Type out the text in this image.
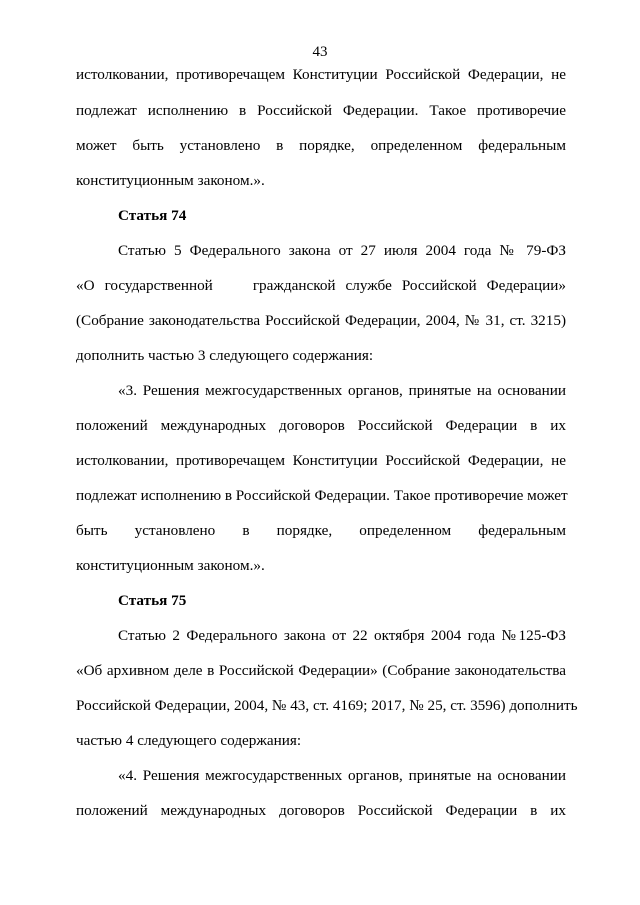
43
истолковании, противоречащем Конституции Российской Федерации, не
подлежат исполнению в Российской Федерации. Такое противоречие
может быть установлено в порядке, определенном федеральным
конституционным законом.».
Статья 74
Статью 5 Федерального закона от 27 июля 2004 года № 79-ФЗ
«О государственной    гражданской службе Российской Федерации»
(Собрание законодательства Российской Федерации, 2004, № 31, ст. 3215)
дополнить частью 3 следующего содержания:
«3. Решения межгосударственных органов, принятые на основании
положений международных договоров Российской Федерации в их
истолковании, противоречащем Конституции Российской Федерации, не
подлежат исполнению в Российской Федерации. Такое противоречие может
быть установлено в порядке, определенном федеральным
конституционным законом.».
Статья 75
Статью 2 Федерального закона от 22 октября 2004 года №125-ФЗ
«Об архивном деле в Российской Федерации» (Собрание законодательства
Российской Федерации, 2004, № 43, ст. 4169; 2017, № 25, ст. 3596) дополнить
частью 4 следующего содержания:
«4. Решения межгосударственных органов, принятые на основании
положений международных договоров Российской Федерации в их
